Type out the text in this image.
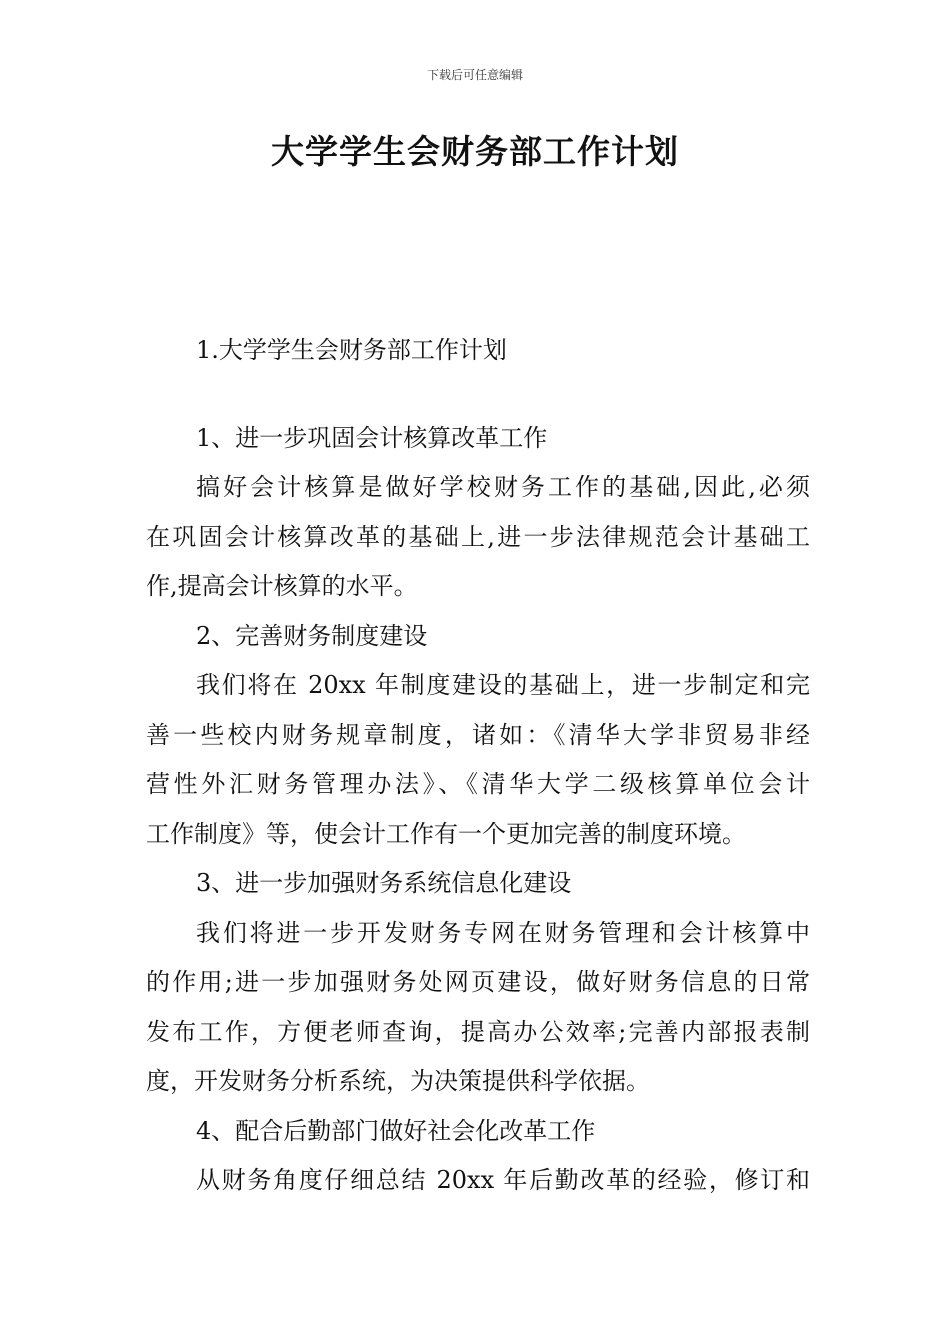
下载后可任意编辑
大学学生会财务部工作计划

1.大学学生会财务部工作计划

1、进一步巩固会计核算改革工作

搞好会计核算是做好学校财务工作的基础,因此,必须

在巩固会计核算改革的基础上,进一步法律规范会计基础工

作,提高会计核算的水平。

2、完善财务制度建设

我们将在 20xx 年制度建设的基础上，进一步制定和完

善一些校内财务规章制度，诸如：《清华大学非贸易非经

营性外汇财务管理办法》、《清华大学二级核算单位会计

工作制度》等，使会计工作有一个更加完善的制度环境。

3、进一步加强财务系统信息化建设

我们将进一步开发财务专网在财务管理和会计核算中

的作用;进一步加强财务处网页建设，做好财务信息的日常

发布工作，方便老师查询，提高办公效率;完善内部报表制

度，开发财务分析系统，为决策提供科学依据。

4、配合后勤部门做好社会化改革工作

从财务角度仔细总结 20xx 年后勤改革的经验，修订和
